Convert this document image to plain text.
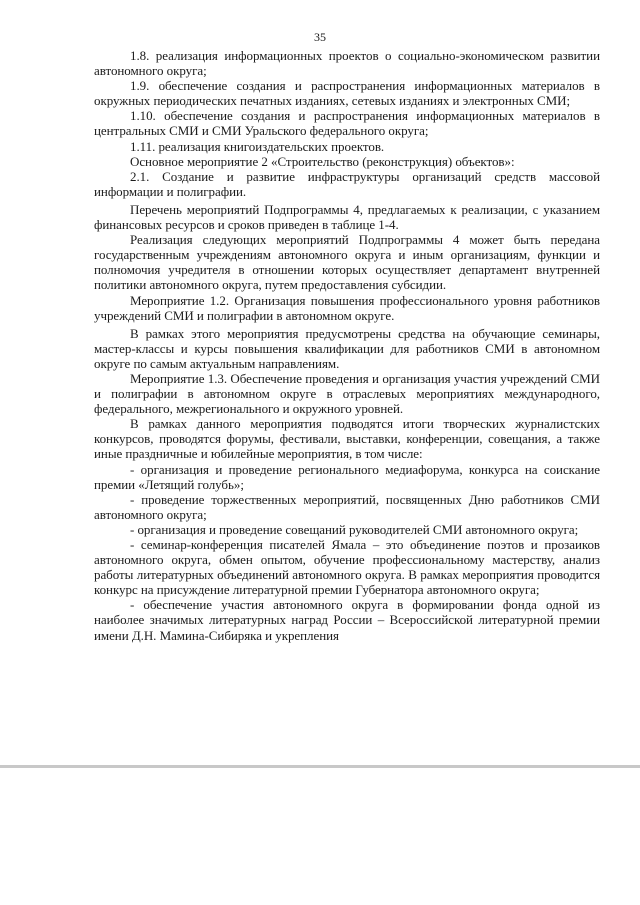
35

1.8. реализация информационных проектов о социально-экономическом развитии автономного округа;

1.9. обеспечение создания и распространения информационных материалов в окружных периодических печатных изданиях, сетевых изданиях и электронных СМИ;

1.10. обеспечение создания и распространения информационных материалов в центральных СМИ и СМИ Уральского федерального округа;

1.11. реализация книгоиздательских проектов.

Основное мероприятие 2 «Строительство (реконструкция) объектов»:

2.1. Создание и развитие инфраструктуры организаций средств массовой информации и полиграфии.

Перечень мероприятий Подпрограммы 4, предлагаемых к реализации, с указанием финансовых ресурсов и сроков приведен в таблице 1-4.

Реализация следующих мероприятий Подпрограммы 4 может быть передана государственным учреждениям автономного округа и иным организациям, функции и полномочия учредителя в отношении которых осуществляет департамент внутренней политики автономного округа, путем предоставления субсидии.

Мероприятие 1.2. Организация повышения профессионального уровня работников учреждений СМИ и полиграфии в автономном округе.

В рамках этого мероприятия предусмотрены средства на обучающие семинары, мастер-классы и курсы повышения квалификации для работников СМИ в автономном округе по самым актуальным направлениям.

Мероприятие 1.3. Обеспечение проведения и организация участия учреждений СМИ и полиграфии в автономном округе в отраслевых мероприятиях международного, федерального, межрегионального и окружного уровней.

В рамках данного мероприятия подводятся итоги творческих журналистских конкурсов, проводятся форумы, фестивали, выставки, конференции, совещания, а также иные праздничные и юбилейные мероприятия, в том числе:

- организация и проведение регионального медиафорума, конкурса на соискание премии «Летящий голубь»;

- проведение торжественных мероприятий, посвященных Дню работников СМИ автономного округа;

- организация и проведение совещаний руководителей СМИ автономного округа;

- семинар-конференция писателей Ямала – это объединение поэтов и прозаиков автономного округа, обмен опытом, обучение профессиональному мастерству, анализ работы литературных объединений автономного округа. В рамках мероприятия проводится конкурс на присуждение литературной премии Губернатора автономного округа;

- обеспечение участия автономного округа в формировании фонда одной из наиболее значимых литературных наград России – Всероссийской литературной премии имени Д.Н. Мамина-Сибиряка и укрепления
